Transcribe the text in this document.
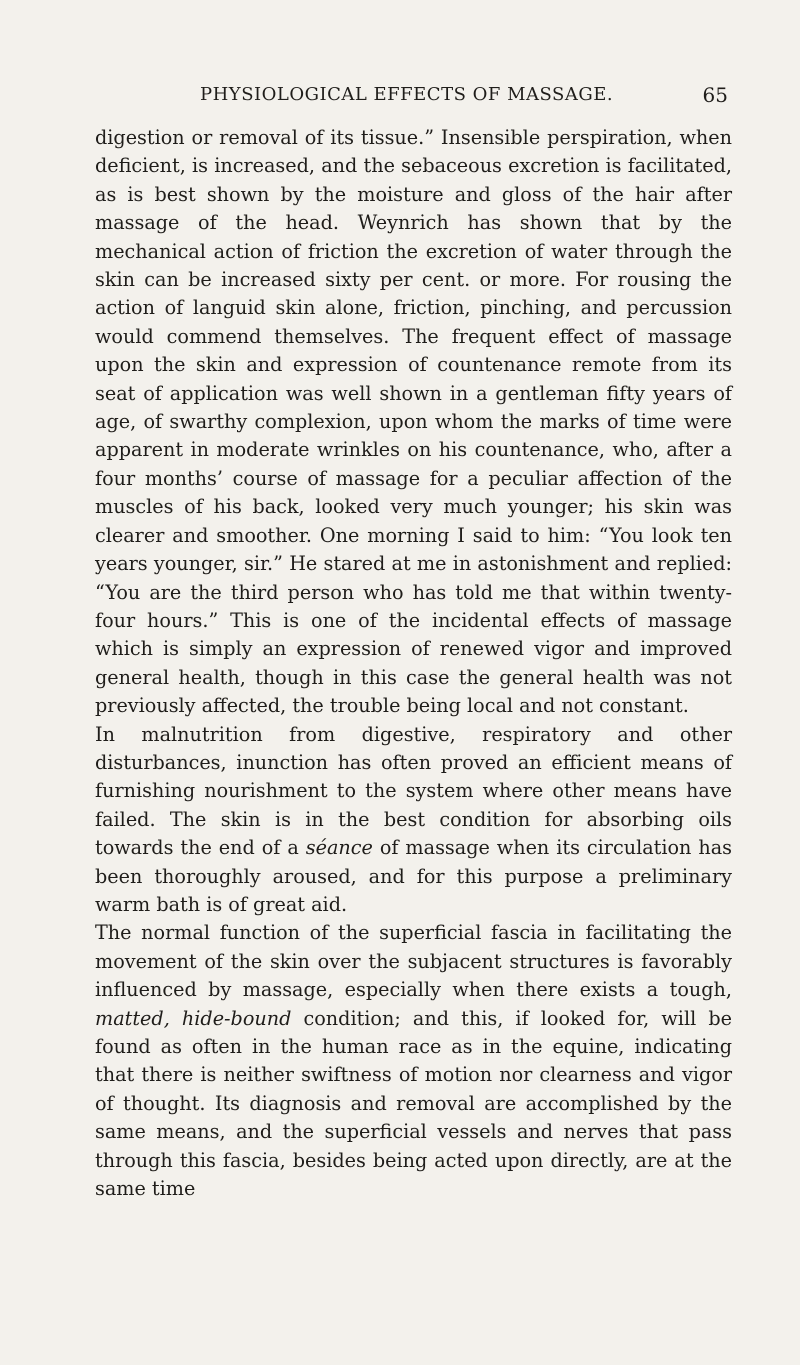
PHYSIOLOGICAL EFFECTS OF MASSAGE.	65

digestion or removal of its tissue.” Insensible perspiration, when deficient, is increased, and the sebaceous excretion is facilitated, as is best shown by the moisture and gloss of the hair after massage of the head. Weynrich has shown that by the mechanical action of friction the excretion of water through the skin can be increased sixty per cent. or more. For rousing the action of languid skin alone, friction, pinching, and percussion would commend themselves. The frequent effect of massage upon the skin and expression of countenance remote from its seat of application was well shown in a gentleman fifty years of age, of swarthy complexion, upon whom the marks of time were apparent in moderate wrinkles on his countenance, who, after a four months’ course of massage for a peculiar affection of the muscles of his back, looked very much younger; his skin was clearer and smoother. One morning I said to him: “You look ten years younger, sir.” He stared at me in astonishment and replied: “You are the third person who has told me that within twenty-four hours.” This is one of the incidental effects of massage which is simply an expression of renewed vigor and improved general health, though in this case the general health was not previously affected, the trouble being local and not constant.

In malnutrition from digestive, respiratory and other disturbances, inunction has often proved an efficient means of furnishing nourishment to the system where other means have failed. The skin is in the best condition for absorbing oils towards the end of a séance of massage when its circulation has been thoroughly aroused, and for this purpose a preliminary warm bath is of great aid.

The normal function of the superficial fascia in facilitating the movement of the skin over the subjacent structures is favorably influenced by massage, especially when there exists a tough, matted, hide-bound condition; and this, if looked for, will be found as often in the human race as in the equine, indicating that there is neither swiftness of motion nor clearness and vigor of thought. Its diagnosis and removal are accomplished by the same means, and the superficial vessels and nerves that pass through this fascia, besides being acted upon directly, are at the same time
